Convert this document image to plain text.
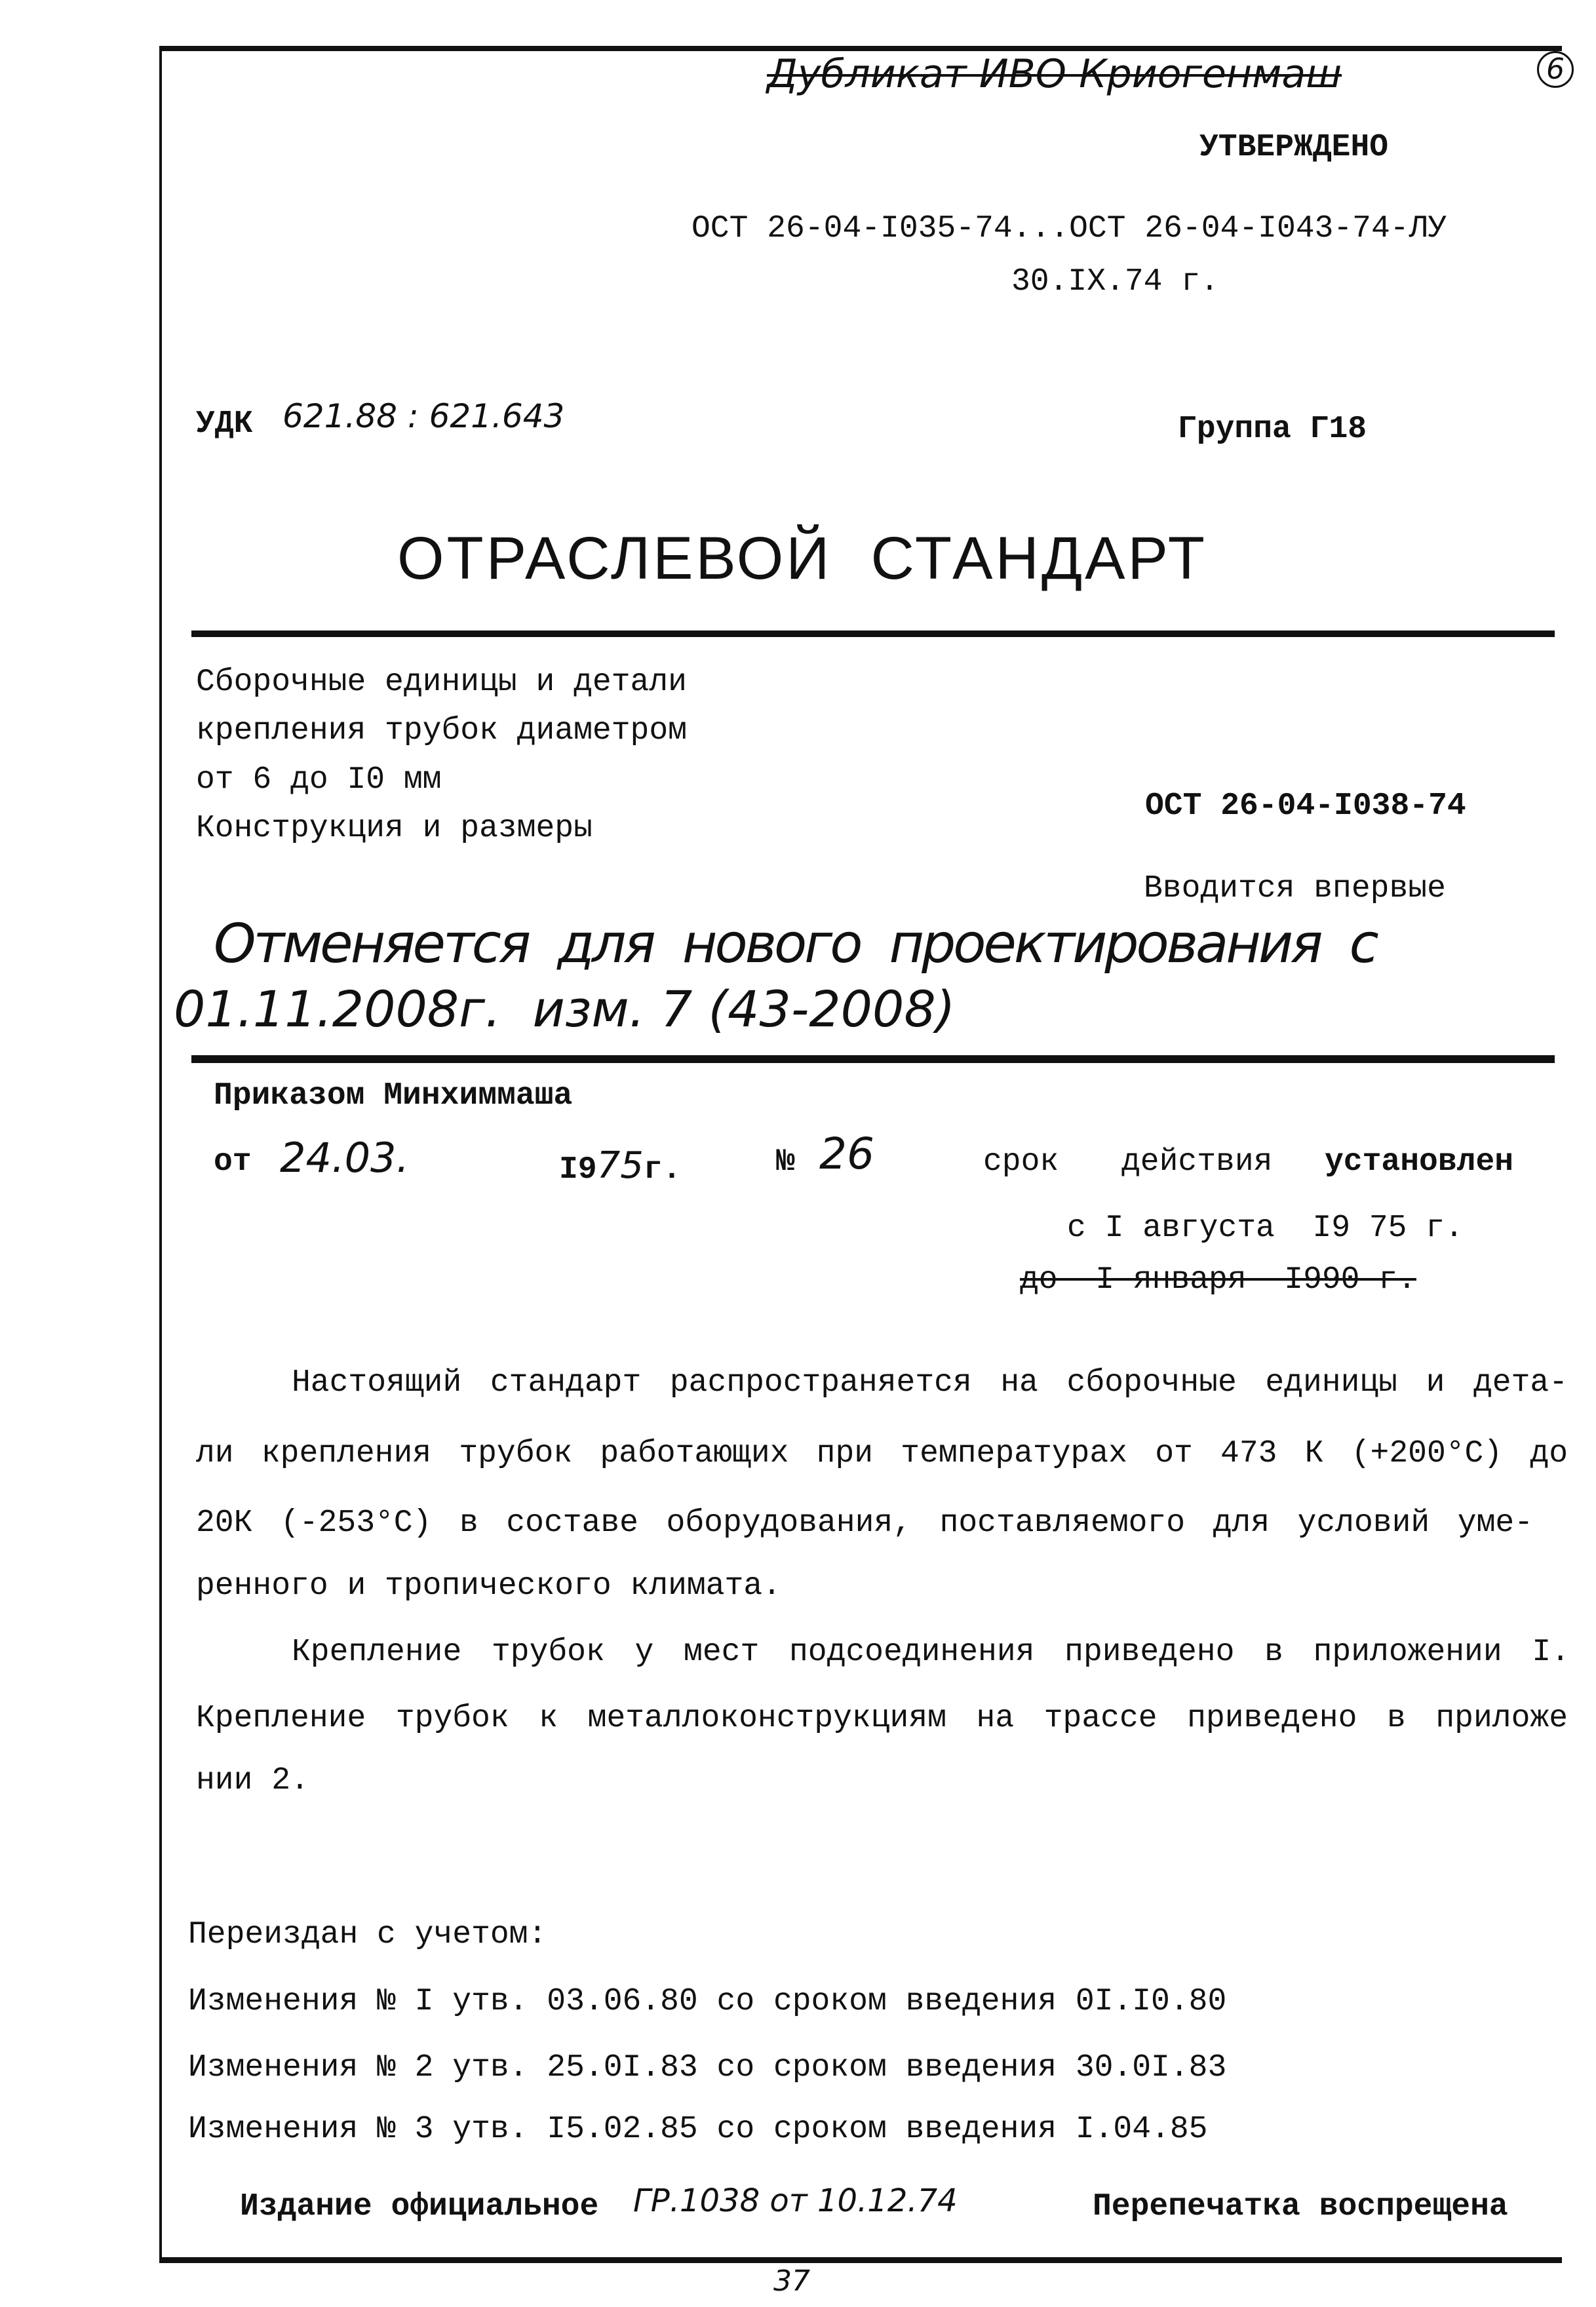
Дубликат ИВО Криогенмаш	6
УТВЕРЖДЕНО
ОСТ 26-04-I035-74...ОСТ 26-04-I043-74-ЛУ
30.IX.74 г.
УДК 621.88 : 621.643	Группа Г18
ОТРАСЛЕВОЙ  СТАНДАРТ
Сборочные единицы и детали
крепления трубок диаметром
от 6 до I0 мм
Конструкция и размеры
ОСТ 26-04-I038-74
Вводится впервые
Отменяется  для  нового  проектирования  с
01.11.2008г.  изм. 7 (43-2008)
Приказом Минхиммаша
от 24.03.	I975г.	№ 26	срок действия установлен
с I августа  I9 75 г.
до  I января  I990 г.
Настоящий стандарт распространяется на сборочные единицы и дета-
ли крепления трубок работающих при температурах от 473 К (+200°С) до
20К (-253°С) в составе оборудования, поставляемого для условий уме-
ренного и тропического климата.
Крепление трубок у мест подсоединения приведено в приложении I.
Крепление трубок к металлоконструкциям на трассе приведено в приложе
нии 2.
Переиздан с учетом:
Изменения № I утв. 03.06.80 со сроком введения 0I.I0.80
Изменения № 2 утв. 25.0I.83 со сроком введения 30.0I.83
Изменения № 3 утв. I5.02.85 со сроком введения I.04.85
Издание официальное ГР.1038 от 10.12.74	Перепечатка воспрещена
37
